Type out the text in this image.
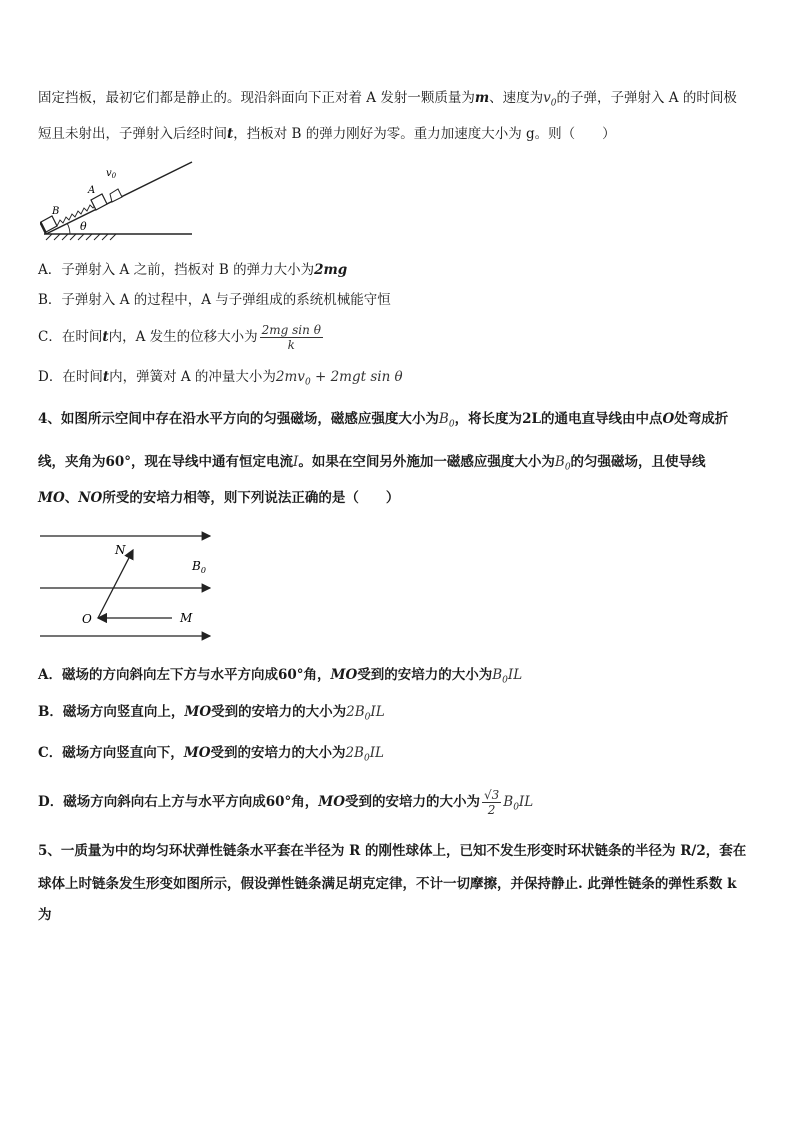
固定挡板，最初它们都是静止的。现沿斜面向下正对着 A 发射一颗质量为m、速度为$v_0$的子弹，子弹射入 A 的时间极
短且未射出，子弹射入后经时间t，挡板对 B 的弹力刚好为零。重力加速度大小为 g。则（　　）
B
A
$v_0$
θ
A．子弹射入 A 之前，挡板对 B 的弹力大小为2mg
B．子弹射入 A 的过程中，A 与子弹组成的系统机械能守恒
C．在时间t内，A 发生的位移大小为 $\frac{\text{2mg sin θ}}{k}$
D．在时间t内，弹簧对 A 的冲量大小为$2mv_0 + 2mgt$ sin θ
4、如图所示空间中存在沿水平方向的匀强磁场，磁感应强度大小为$B_0$，将长度为2L的通电直导线由中点O处弯成折
线，夹角为60°，现在导线中通有恒定电流I。如果在空间另外施加一磁感应强度大小为$B_0$的匀强磁场，且使导线
MO、NO所受的安培力相等，则下列说法正确的是（　　）
N
O	M
$B_0$
A．磁场的方向斜向左下方与水平方向成60°角，MO受到的安培力的大小为$B_0IL$
B．磁场方向竖直向上，MO受到的安培力的大小为$2B_0IL$
C．磁场方向竖直向下，MO受到的安培力的大小为$2B_0IL$
D．磁场方向斜向右上方与水平方向成60°角，MO受到的安培力的大小为 $\frac{√3}{2} B_0IL$
5、一质量为中的均匀环状弹性链条水平套在半径为 R 的刚性球体上，已知不发生形变时环状链条的半径为 R/2，套在
球体上时链条发生形变如图所示，假设弹性链条满足胡克定律，不计一切摩擦，并保持静止. 此弹性链条的弹性系数 k
为
